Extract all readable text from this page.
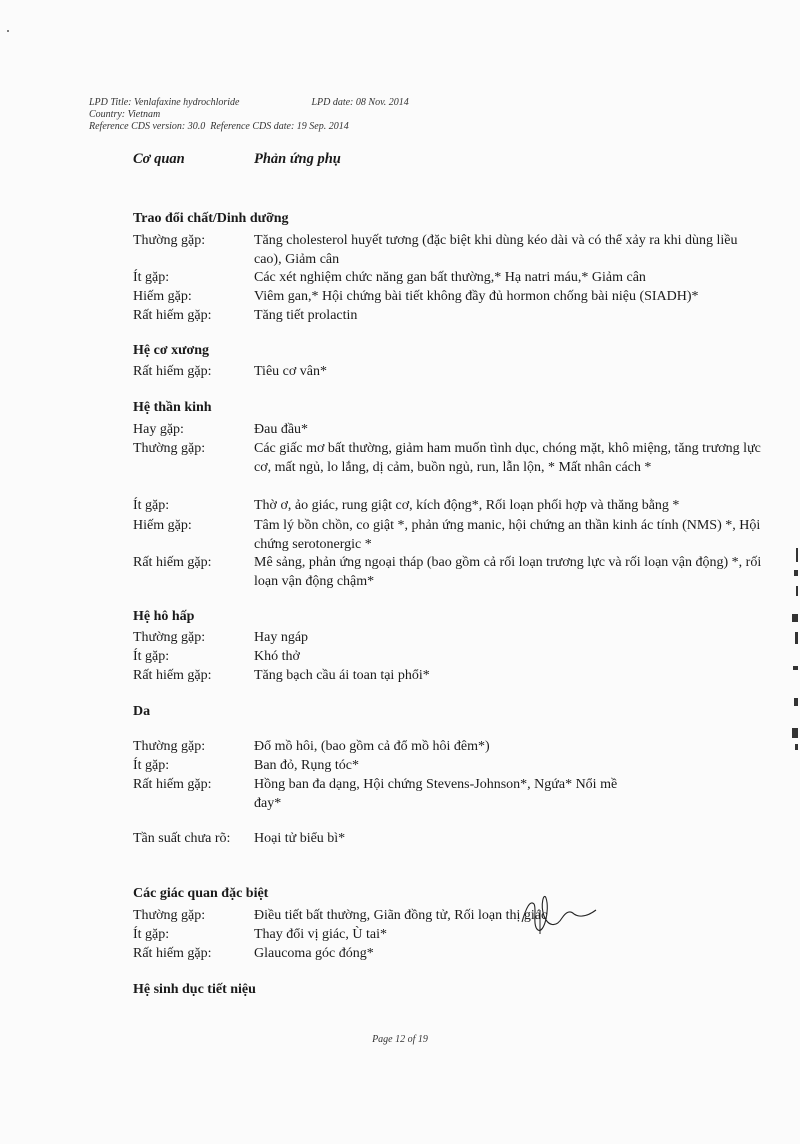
LPD Title: Venlafaxine hydrochloride	LPD date: 08 Nov. 2014
Country: Vietnam
Reference CDS version: 30.0  Reference CDS date: 19 Sep. 2014
Cơ quan	Phản ứng phụ
Trao đổi chất/Dinh dưỡng
Thường gặp:	Tăng cholesterol huyết tương (đặc biệt khi dùng kéo dài và có thể xảy ra khi dùng liều cao), Giảm cân
Ít gặp:	Các xét nghiệm chức năng gan bất thường,* Hạ natri máu,* Giảm cân
Hiếm gặp:	Viêm gan,* Hội chứng bài tiết không đầy đủ hormon chống bài niệu (SIADH)*
Rất hiếm gặp:	Tăng tiết prolactin
Hệ cơ xương
Rất hiếm gặp:	Tiêu cơ vân*
Hệ thần kinh
Hay gặp:	Đau đầu*
Thường gặp:	Các giấc mơ bất thường, giảm ham muốn tình dục, chóng mặt, khô miệng, tăng trương lực cơ, mất ngủ, lo lắng, dị cảm, buồn ngủ, run, lẫn lộn, * Mất nhân cách *
Ít gặp:	Thờ ơ, ảo giác, rung giật cơ, kích động*, Rối loạn phối hợp và thăng bằng *
Hiếm gặp:	Tâm lý bồn chồn, co giật *, phản ứng manic, hội chứng an thần kinh ác tính (NMS) *, Hội chứng serotonergic *
Rất hiếm gặp:	Mê sảng, phản ứng ngoại tháp (bao gồm cả rối loạn trương lực và rối loạn vận động) *, rối loạn vận động chậm*
Hệ hô hấp
Thường gặp:	Hay ngáp
Ít gặp:	Khó thở
Rất hiếm gặp:	Tăng bạch cầu ái toan tại phổi*
Da
Thường gặp:	Đổ mồ hôi, (bao gồm cả đổ mồ hôi đêm*)
Ít gặp:	Ban đỏ, Rụng tóc*
Rất hiếm gặp:	Hồng ban đa dạng, Hội chứng Stevens-Johnson*, Ngứa* Nổi mề đay*
Tần suất chưa rõ:	Hoại tử biểu bì*
Các giác quan đặc biệt
Thường gặp:	Điều tiết bất thường, Giãn đồng tử, Rối loạn thị giác
Ít gặp:	Thay đổi vị giác, Ù tai*
Rất hiếm gặp:	Glaucoma góc đóng*
Hệ sinh dục tiết niệu
Page 12 of 19
